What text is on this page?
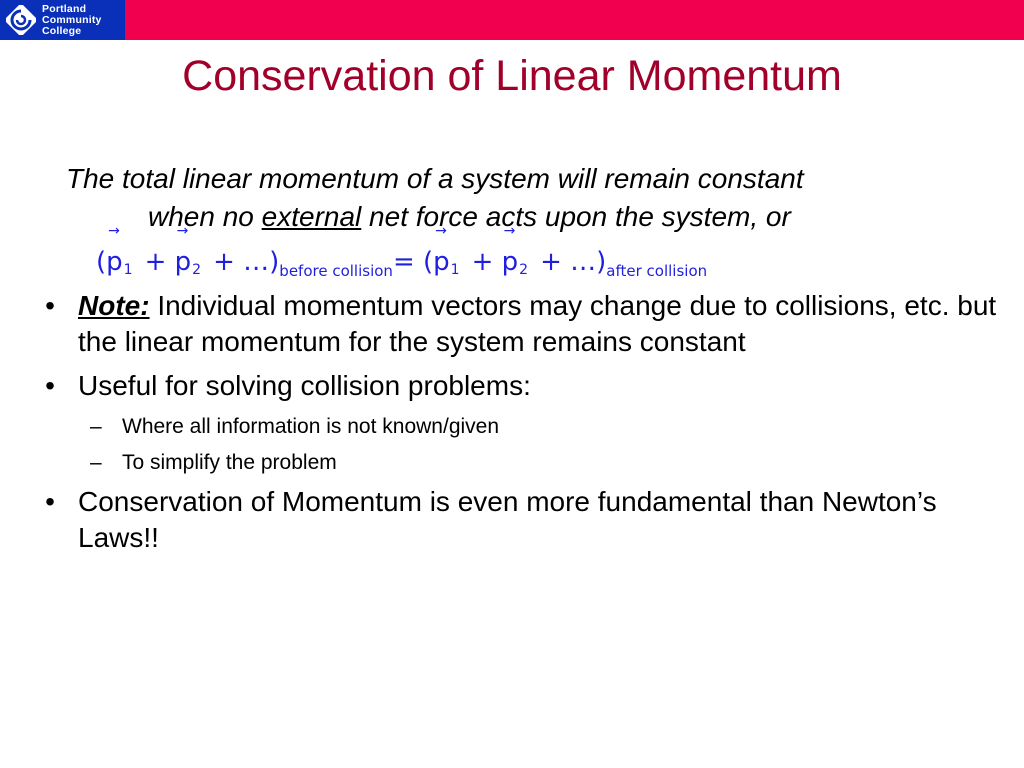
Portland
Community
College
Conservation of Linear Momentum
The total linear momentum of a system will remain constant
when no external net force acts upon the system, or
(→ p1 + → $p2 + \dots)_{before collision}=$ (→ p1 + → $p2 + \dots)_{after collision}$
• Note: Individual momentum vectors may change due to collisions, etc. but the linear momentum for the system remains constant
• Useful for solving collision problems:
– Where all information is not known/given
– To simplify the problem
• Conservation of Momentum is even more fundamental than Newton’s Laws!!
